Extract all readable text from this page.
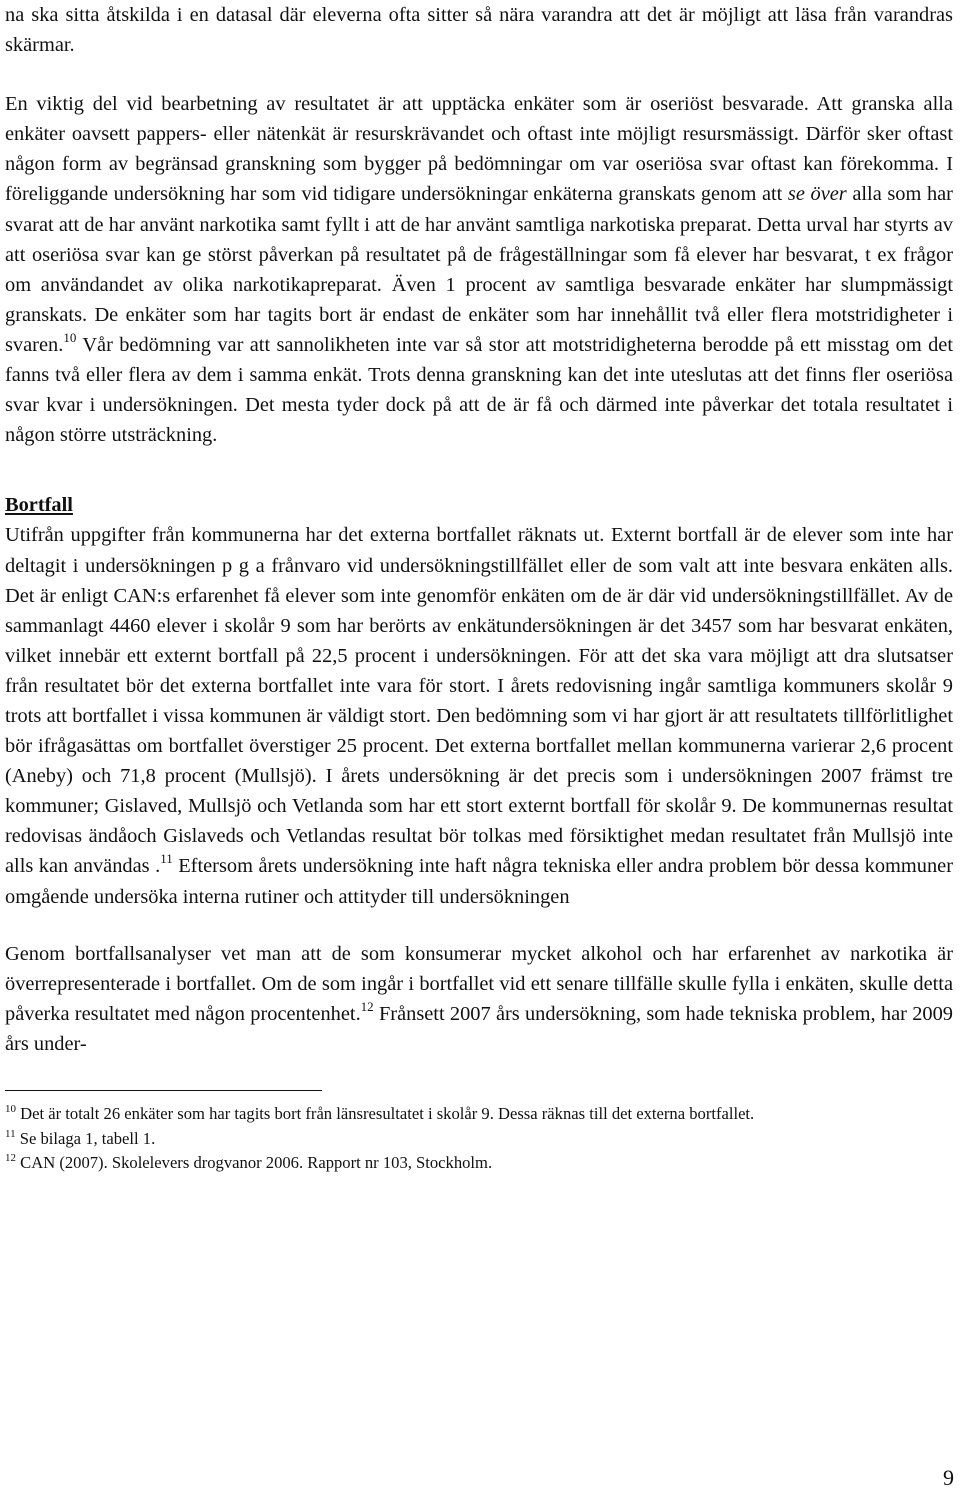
na ska sitta åtskilda i en datasal där eleverna ofta sitter så nära varandra att det är möjligt att läsa från varandras skärmar.

En viktig del vid bearbetning av resultatet är att upptäcka enkäter som är oseriöst besvarade. Att granska alla enkäter oavsett pappers- eller nätenkät är resurskrävandet och oftast inte möjligt resursmässigt. Därför sker oftast någon form av begränsad granskning som bygger på bedömningar om var oseriösa svar oftast kan förekomma. I föreliggande undersökning har som vid tidigare undersökningar enkäterna granskats genom att se över alla som har svarat att de har använt narkotika samt fyllt i att de har använt samtliga narkotiska preparat. Detta urval har styrts av att oseriösa svar kan ge störst påverkan på resultatet på de frågeställningar som få elever har besvarat, t ex frågor om användandet av olika narkotikapreparat. Även 1 procent av samtliga besvarade enkäter har slumpmässigt granskats. De enkäter som har tagits bort är endast de enkäter som har innehållit två eller flera motstridigheter i svaren.$^{10}$ Vår bedömning var att sannolikheten inte var så stor att motstridigheterna berodde på ett misstag om det fanns två eller flera av dem i samma enkät. Trots denna granskning kan det inte uteslutas att det finns fler oseriösa svar kvar i undersökningen. Det mesta tyder dock på att de är få och därmed inte påverkar det totala resultatet i någon större utsträckning.

Bortfall

Utifrån uppgifter från kommunerna har det externa bortfallet räknats ut. Externt bortfall är de elever som inte har deltagit i undersökningen p g a frånvaro vid undersökningstillfället eller de som valt att inte besvara enkäten alls. Det är enligt CAN:s erfarenhet få elever som inte genomför enkäten om de är där vid undersökningstillfället. Av de sammanlagt 4460 elever i skolår 9 som har berörts av enkätundersökningen är det 3457 som har besvarat enkäten, vilket innebär ett externt bortfall på 22,5 procent i undersökningen. För att det ska vara möjligt att dra slutsatser från resultatet bör det externa bortfallet inte vara för stort. I årets redovisning ingår samtliga kommuners skolår 9 trots att bortfallet i vissa kommunen är väldigt stort. Den bedömning som vi har gjort är att resultatets tillförlitlighet bör ifrågasättas om bortfallet överstiger 25 procent. Det externa bortfallet mellan kommunerna varierar 2,6 procent (Aneby) och 71,8 procent (Mullsjö). I årets undersökning är det precis som i undersökningen 2007 främst tre kommuner; Gislaved, Mullsjö och Vetlanda som har ett stort externt bortfall för skolår 9. De kommunernas resultat redovisas ändåoch Gislaveds och Vetlandas resultat bör tolkas med försiktighet medan resultatet från Mullsjö inte alls kan användas .$^{11}$ Eftersom årets undersökning inte haft några tekniska eller andra problem bör dessa kommuner omgående undersöka interna rutiner och attityder till undersökningen

Genom bortfallsanalyser vet man att de som konsumerar mycket alkohol och har erfarenhet av narkotika är överrepresenterade i bortfallet. Om de som ingår i bortfallet vid ett senare tillfälle skulle fylla i enkäten, skulle detta påverka resultatet med någon procentenhet.$^{12}$ Frånsett 2007 års undersökning, som hade tekniska problem, har 2009 års under-

$^{10}$ Det är totalt 26 enkäter som har tagits bort från länsresultatet i skolår 9. Dessa räknas till det externa bortfallet.

$^{11}$ Se bilaga 1, tabell 1.

$^{12}$ CAN (2007). Skolelevers drogvanor 2006. Rapport nr 103, Stockholm.

9
